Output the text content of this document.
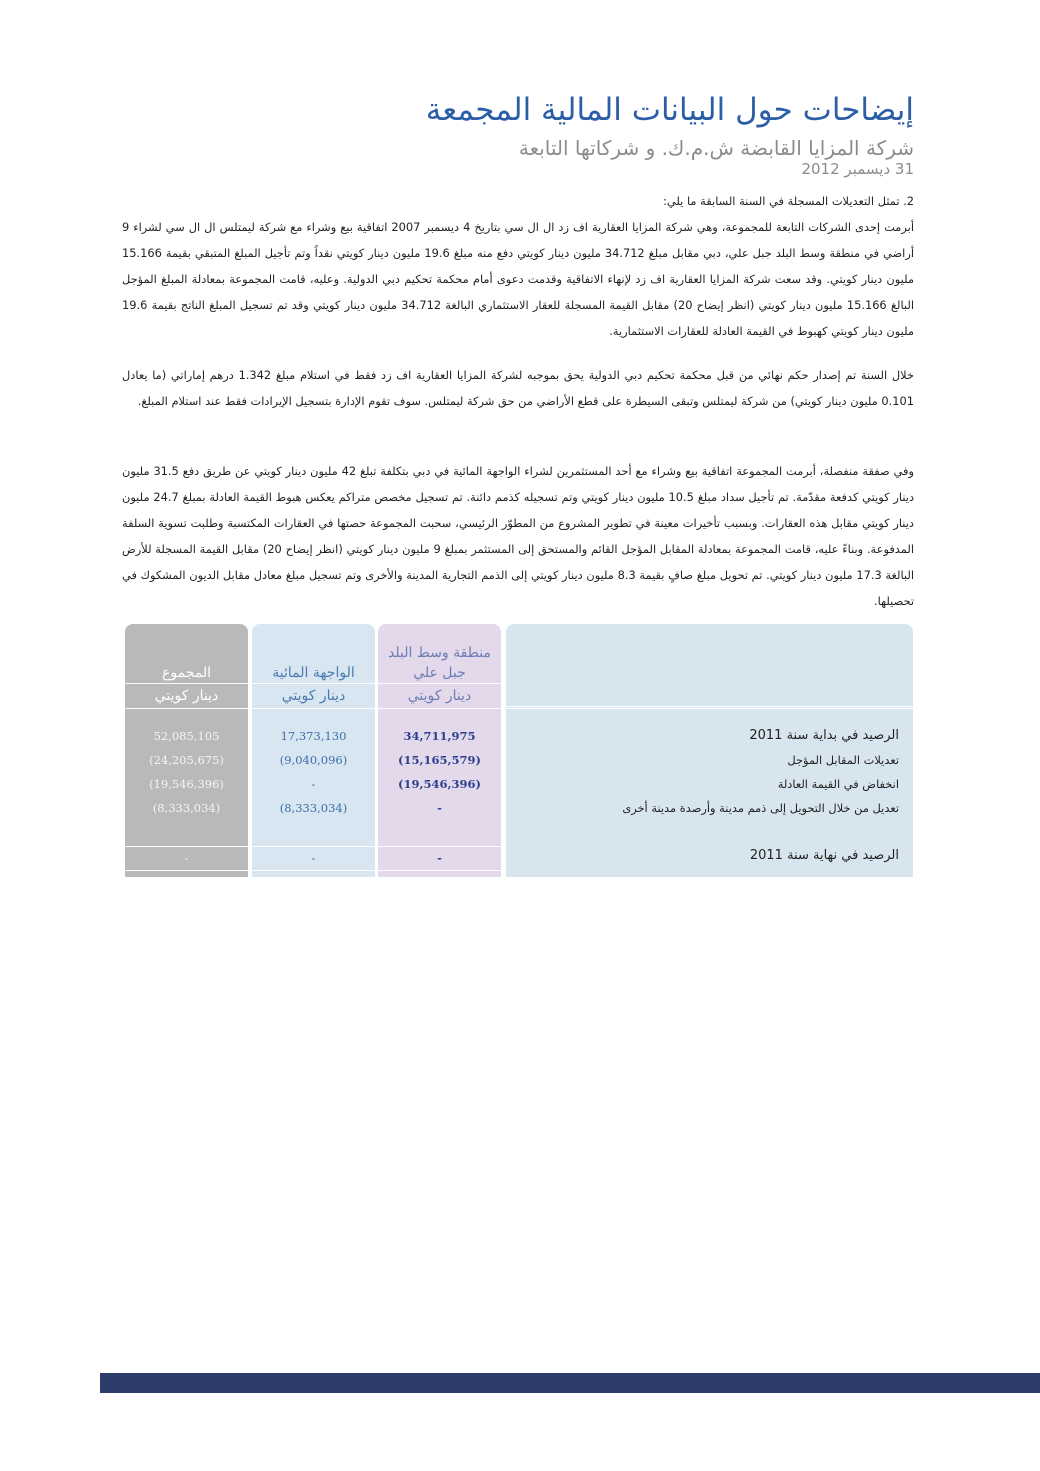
إيضاحات حول البيانات المالية المجمعة
شركة المزايا القابضة ش.م.ك. و شركاتها التابعة
31 ديسمبر 2012
2. تمثل التعديلات المسجلة في السنة السابقة ما يلي:
أبرمت إحدى الشركات التابعة للمجموعة، وهي شركة المزايا العقارية اف زد ال ال سي بتاريخ 4 ديسمبر 2007 اتفاقية بيع وشراء مع شركة ليمتلس ال ال سي لشراء 9 أراضي في منطقة وسط البلد جبل علي، دبي مقابل مبلغ 34.712 مليون دينار كويتي دفع منه مبلغ 19.6 مليون دينار كويتي نقداً وتم تأجيل المبلغ المتبقي بقيمة 15.166 مليون دينار كويتي. وقد سعت شركة المزايا العقارية اف زد لإنهاء الاتفاقية وقدمت دعوى أمام محكمة تحكيم دبي الدولية. وعليه، قامت المجموعة بمعادلة المبلغ المؤجل البالغ 15.166 مليون دينار كويتي (انظر إيضاح 20) مقابل القيمة المسجلة للعقار الاستثماري البالغة 34.712 مليون دينار كويتي وقد تم تسجيل المبلغ الناتج بقيمة 19.6 مليون دينار كويتي كهبوط في القيمة العادلة للعقارات الاستثمارية.
خلال السنة تم إصدار حكم نهائي من قبل محكمة تحكيم دبي الدولية يحق بموجبه لشركة المزايا العقارية اف زد فقط في استلام مبلغ 1.342 درهم إماراتي (ما يعادل 0.101 مليون دينار كويتي) من شركة ليمتلس وتبقى السيطرة على قطع الأراضي من حق شركة ليمتلس. سوف تقوم الإدارة بتسجيل الإيرادات فقط عند استلام المبلغ.
وفي صفقة منفصلة، أبرمت المجموعة اتفاقية بيع وشراء مع أحد المستثمرين لشراء الواجهة المائية في دبي بتكلفة تبلغ 42 مليون دينار كويتي عن طريق دفع 31.5 مليون دينار كويتي كدفعة مقدّمة. تم تأجيل سداد مبلغ 10.5 مليون دينار كويتي وتم تسجيله كذمم دائنة. تم تسجيل مخصص متراكم يعكس هبوط القيمة العادلة بمبلغ 24.7 مليون دينار كويتي مقابل هذه العقارات. وبسبب تأخيرات معينة في تطوير المشروع من المطوّر الرئيسي، سحبت المجموعة حصتها في العقارات المكتسبة وطلبت تسوية السلفة المدفوعة. وبناءً عليه، قامت المجموعة بمعادلة المقابل المؤجل القائم والمستحق إلى المستثمر بمبلغ 9 مليون دينار كويتي (انظر إيضاح 20) مقابل القيمة المسجلة للأرض البالغة 17.3 مليون دينار كويتي. تم تحويل مبلغ صافٍ بقيمة 8.3 مليون دينار كويتي إلى الذمم التجارية المدينة والأخرى وتم تسجيل مبلغ معادل مقابل الديون المشكوك في تحصيلها.
الرصيد في بداية سنة 2011
تعديلات المقابل المؤجل
انخفاض في القيمة العادلة
تعديل من خلال التحويل إلى ذمم مدينة وأرصدة مدينة أخرى
الرصيد في نهاية سنة 2011
منطقة وسط البلد
جبل علي
دينار كويتي
34,711,975
(15,165,579)
(19,546,396)
-
-
الواجهة المائية
دينار كويتي
17,373,130
(9,040,096)
-
(8,333,034)
-
المجموع
دينار كويتي
52,085,105
(24,205,675)
(19,546,396)
(8,333,034)
-
